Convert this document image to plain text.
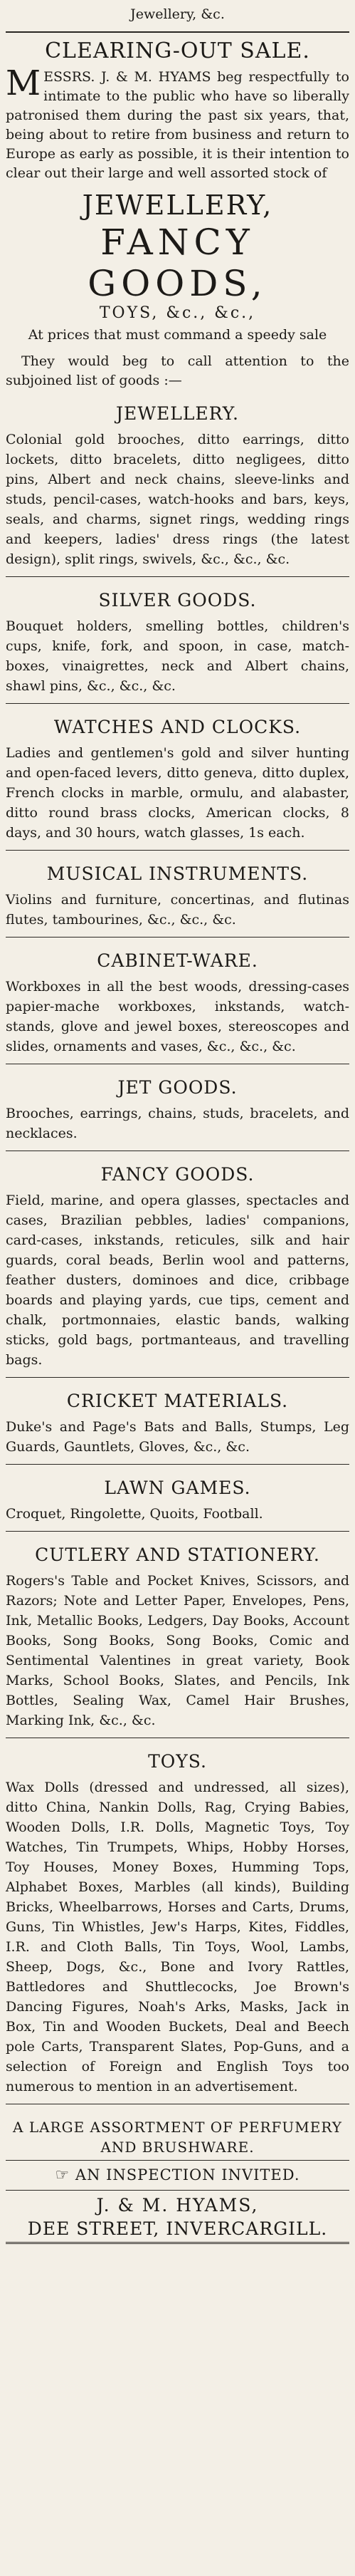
Jewellery, &c.
CLEARING-OUT SALE.
M ESSRS. J. & M. HYAMS beg respectfully to intimate to the public who have so liberally patronised them during the past six years, that, being about to retire from business and return to Europe as early as possible, it is their intention to clear out their large and well assorted stock of
JEWELLERY,
FANCY GOODS,
TOYS, &c., &c.,
At prices that must command a speedy sale
They would beg to call attention to the subjoined list of goods :—
JEWELLERY.
Colonial gold brooches, ditto earrings, ditto lockets, ditto bracelets, ditto negligees, ditto pins, Albert and neck chains, sleeve-links and studs, pencil-cases, watch-hooks and bars, keys, seals, and charms, signet rings, wedding rings and keepers, ladies' dress rings (the latest design), split rings, swivels, &c., &c., &c.
SILVER GOODS.
Bouquet holders, smelling bottles, children's cups, knife, fork, and spoon, in case, match-boxes, vinaigrettes, neck and Albert chains, shawl pins, &c., &c., &c.
WATCHES AND CLOCKS.
Ladies and gentlemen's gold and silver hunting and open-faced levers, ditto geneva, ditto duplex, French clocks in marble, ormulu, and alabaster, ditto round brass clocks, American clocks, 8 days, and 30 hours, watch glasses, 1s each.
MUSICAL INSTRUMENTS.
Violins and furniture, concertinas, and flutinas flutes, tambourines, &c., &c., &c.
CABINET-WARE.
Workboxes in all the best woods, dressing-cases papier-mache workboxes, inkstands, watch-stands, glove and jewel boxes, stereoscopes and slides, ornaments and vases, &c., &c., &c.
JET GOODS.
Brooches, earrings, chains, studs, bracelets, and necklaces.
FANCY GOODS.
Field, marine, and opera glasses, spectacles and cases, Brazilian pebbles, ladies' companions, card-cases, inkstands, reticules, silk and hair guards, coral beads, Berlin wool and patterns, feather dusters, dominoes and dice, cribbage boards and playing yards, cue tips, cement and chalk, portmonnaies, elastic bands, walking sticks, gold bags, portmanteaus, and travelling bags.
CRICKET MATERIALS.
Duke's and Page's Bats and Balls, Stumps, Leg Guards, Gauntlets, Gloves, &c., &c.
LAWN GAMES.
Croquet, Ringolette, Quoits, Football.
CUTLERY AND STATIONERY.
Rogers's Table and Pocket Knives, Scissors, and Razors; Note and Letter Paper, Envelopes, Pens, Ink, Metallic Books, Ledgers, Day Books, Account Books, Song Books, Song Books, Comic and Sentimental Valentines in great variety, Book Marks, School Books, Slates, and Pencils, Ink Bottles, Sealing Wax, Camel Hair Brushes, Marking Ink, &c., &c.
TOYS.
Wax Dolls (dressed and undressed, all sizes), ditto China, Nankin Dolls, Rag, Crying Babies, Wooden Dolls, I.R. Dolls, Magnetic Toys, Toy Watches, Tin Trumpets, Whips, Hobby Horses, Toy Houses, Money Boxes, Humming Tops, Alphabet Boxes, Marbles (all kinds), Building Bricks, Wheelbarrows, Horses and Carts, Drums, Guns, Tin Whistles, Jew's Harps, Kites, Fiddles, I.R. and Cloth Balls, Tin Toys, Wool, Lambs, Sheep, Dogs, &c., Bone and Ivory Rattles, Battledores and Shuttlecocks, Joe Brown's Dancing Figures, Noah's Arks, Masks, Jack in Box, Tin and Wooden Buckets, Deal and Beech pole Carts, Transparent Slates, Pop-Guns, and a selection of Foreign and English Toys too numerous to mention in an advertisement.
A LARGE ASSORTMENT OF PERFUMERY
AND BRUSHWARE.
☞ AN INSPECTION INVITED.
J. & M. HYAMS,
DEE STREET, INVERCARGILL.
